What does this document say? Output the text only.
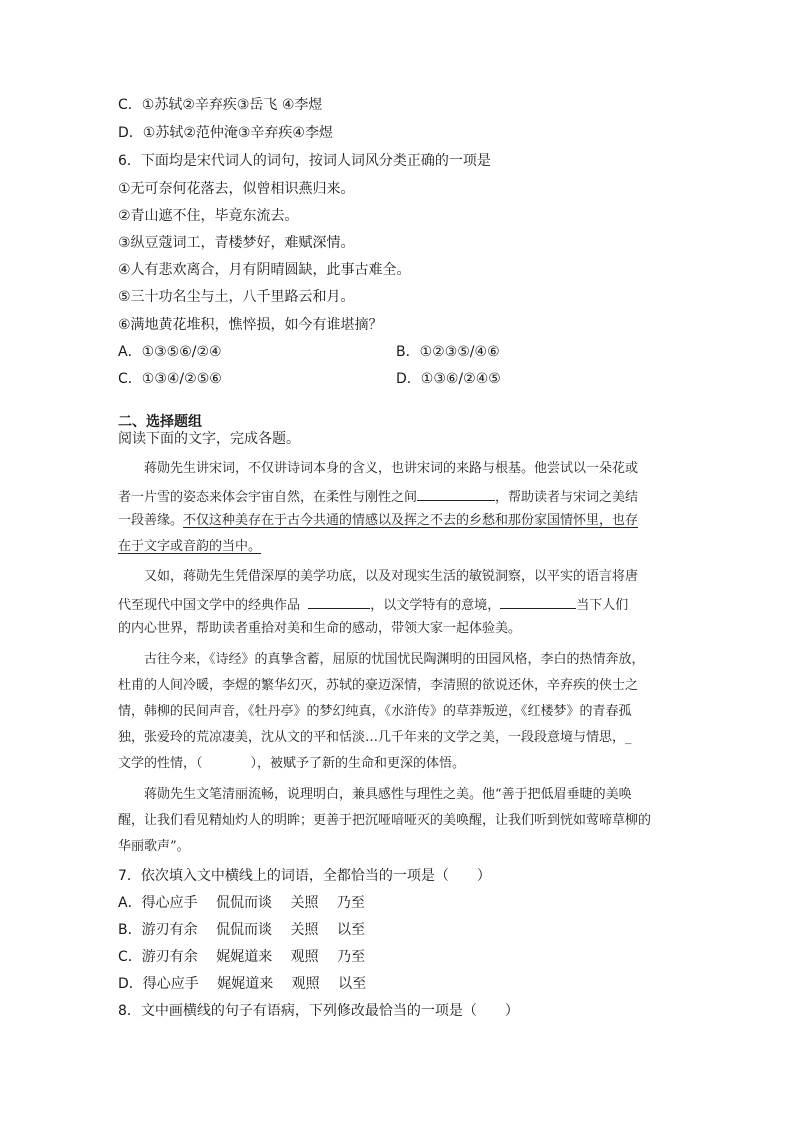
C．①苏轼②辛弃疾③岳飞 ④李煜
D．①苏轼②范仲淹③辛弃疾④李煜
6．下面均是宋代词人的词句，按词人词风分类正确的一项是
①无可奈何花落去，似曾相识燕归来。
②青山遮不住，毕竟东流去。
③纵豆蔻词工，青楼梦好，难赋深情。
④人有悲欢离合，月有阴晴圆缺，此事古难全。
⑤三十功名尘与土，八千里路云和月。
⑥满地黄花堆积，憔悴损，如今有谁堪摘？
A．①③⑤⑥/②④	B．①②③⑤/④⑥
C．①③④/②⑤⑥	D．①③⑥/②④⑤
二、选择题组
阅读下面的文字，完成各题。
蒋勋先生讲宋词，不仅讲诗词本身的含义，也讲宋词的来路与根基。他尝试以一朵花或
者一片雪的姿态来体会宇宙自然，在柔性与刚性之间	，帮助读者与宋词之美结
一段善缘。不仅这种美存在于古今共通的情感以及挥之不去的乡愁和那份家国情怀里，也存
在于文字或音韵的当中。
又如，蒋勋先生凭借深厚的美学功底，以及对现实生活的敏锐洞察，以平实的语言将唐
代至现代中国文学中的经典作品	，以文学特有的意境，	当下人们
的内心世界，帮助读者重拾对美和生命的感动，带领大家一起体验美。
古往今来，《诗经》的真挚含蓄，屈原的忧国忧民陶渊明的田园风格，李白的热情奔放，
杜甫的人间冷暖，李煜的繁华幻灭，苏轼的豪迈深情，李清照的欲说还休，辛弃疾的侠士之
情，韩柳的民间声音，《牡丹亭》的梦幻纯真，《水浒传》的草莽叛逆，《红楼梦》的青春孤
独，张爱玲的荒凉凄美，沈从文的平和恬淡…几千年来的文学之美，一段段意境与情思，_
文学的性情，（	），被赋予了新的生命和更深的体悟。
蒋勋先生文笔清丽流畅，说理明白，兼具感性与理性之美。他“善于把低眉垂睫的美唤
醒，让我们看见精灿灼人的明眸；更善于把沉哑喑哑灭的美唤醒，让我们听到恍如莺啼草柳的
华丽歌声”。
7．依次填入文中横线上的词语，全都恰当的一项是（　　）
A．得心应手　 侃侃而谈　 关照　 乃至
B．游刃有余　 侃侃而谈　 关照　 以至
C．游刃有余　 娓娓道来　 观照　 乃至
D．得心应手　 娓娓道来　 观照　 以至
8．文中画横线的句子有语病，下列修改最恰当的一项是（　　）
